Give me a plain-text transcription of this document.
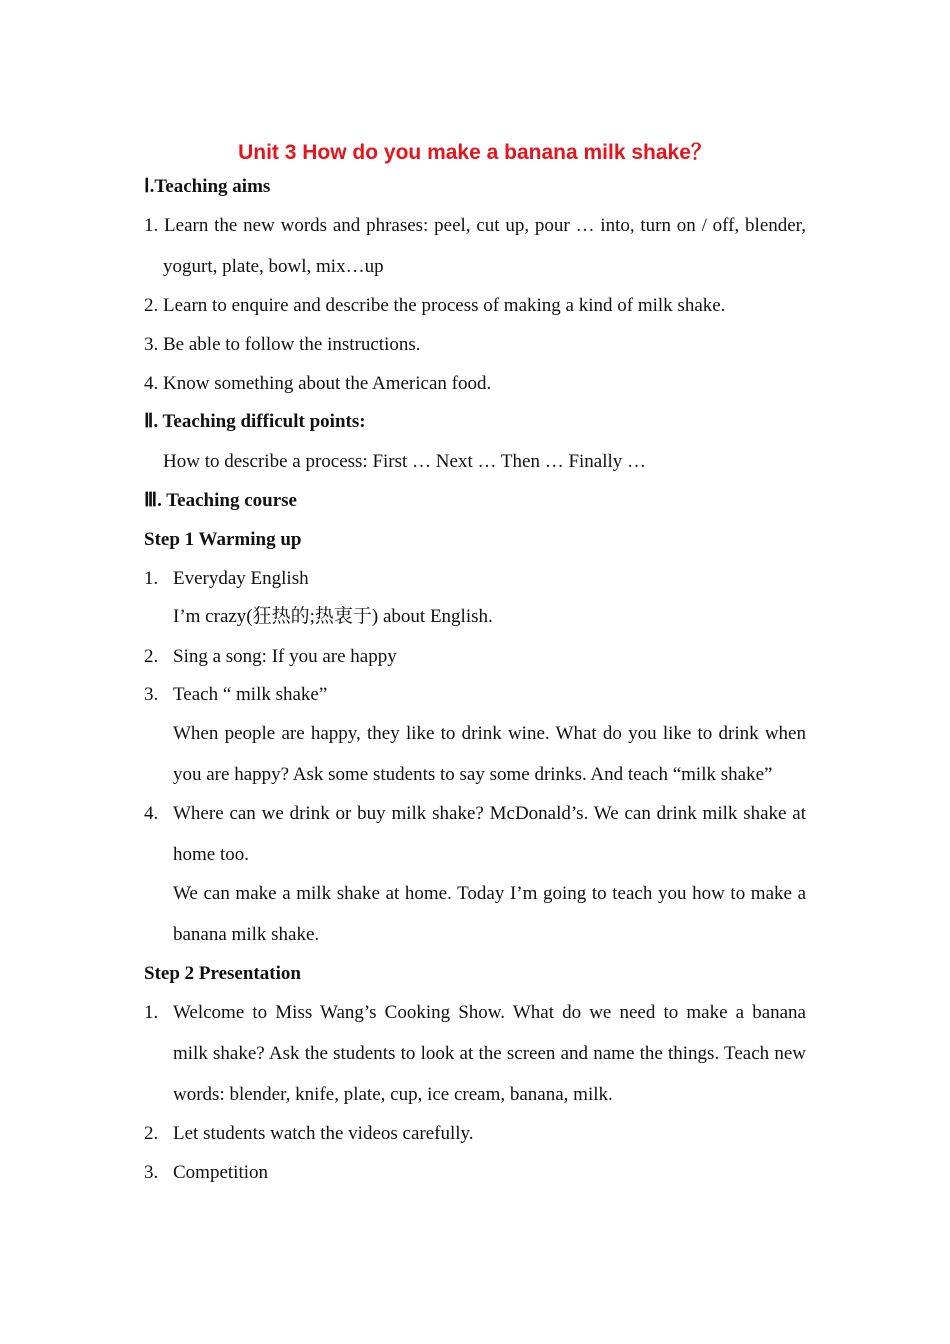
Unit 3 How do you make a banana milk shake？
Ⅰ.Teaching aims
1. Learn the new words and phrases: peel, cut up, pour … into, turn on / off, blender,
yogurt, plate, bowl, mix…up
2. Learn to enquire and describe the process of making a kind of milk shake.
3. Be able to follow the instructions.
4. Know something about the American food.
Ⅱ. Teaching difficult points:
How to describe a process: First … Next … Then … Finally …
Ⅲ. Teaching course
Step 1 Warming up
1. Everyday English
I’m crazy(狂热的;热衷于) about English.
2. Sing a song: If you are happy
3. Teach “ milk shake”
When people are happy, they like to drink wine. What do you like to drink when
you are happy? Ask some students to say some drinks. And teach “milk shake”
4. Where can we drink or buy milk shake? McDonald’s. We can drink milk shake at
home too.
We can make a milk shake at home. Today I’m going to teach you how to make a
banana milk shake.
Step 2 Presentation
1. Welcome to Miss Wang’s Cooking Show. What do we need to make a banana
milk shake? Ask the students to look at the screen and name the things. Teach new
words: blender, knife, plate, cup, ice cream, banana, milk.
2. Let students watch the videos carefully.
3. Competition
